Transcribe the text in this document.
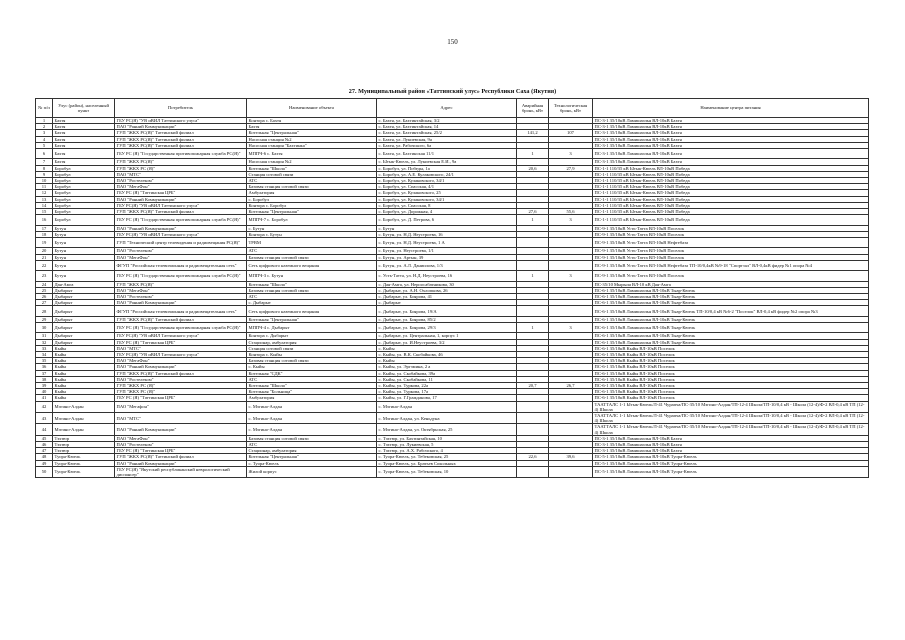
150
27. Муниципальный район «Таттинский улус» Республики Саха (Якутия)
№ п/п	Улус (район), населенный пункт	Потребитель	Наименование объекта	Адрес	Аварийная бронь, кВт	Технологическая бронь, кВт	Наименование центра питания
1	Бахтя	ГБУ РС(Я) "УВ иВИЛ Таттинского улуса"	Контора с. Бахтя	с. Бахтя, ул. Бахтинтайская, 3/2			ПС-3-1 35/10кВ Ламишаэлья ВЛ-10кВ Бахтя
2	Бахтя	ПАО "Ранний Коммуникации"	Бахтя	с. Бахтя, ул. Бахтинтайская, 14			ПС-3-1 35/10кВ Ламишаэлья ВЛ-10кВ Бахтя
3	Бахтя	ГУП "ЖКХ РС(Я)" Таттинский филиал	Котельная "Центральная"	с. Бахтя, ул. Бахтинтайская, 25/2	141,2	107	ПС-3-1 35/10кВ Ламишаэлья ВЛ-10кВ Бахтя
4	Бахтя	ГУП "ЖКХ РС(Я)" Таттинский филиал	Насосная станция №2	с. Бахтя, ул. Лукиевская, 9а			ПС-3-1 35/10кВ Ламишаэлья ВЛ-10кВ Бахтя
5	Бахтя	ГУП "ЖКХ РС(Я)" Таттинский филиал	Насосная станция "Бахтинка"	с. Бахтя, ул. Рабочского, 6а			ПС-3-1 35/10кВ Ламишаэлья ВЛ-10кВ Бахтя
6	Бахтя	ГБУ РС (Я) "Государственная противопожарная служба РС(Я)"	МППЧ-6 с. Бахтя	с. Бахтя, ул. Бахтинская 11/1	1	3	ПС-3-1 35/10кВ Ламишаэлья ВЛ-10кВ Бахтя
7	Бахтя	ГУП "ЖКХ РС(Я)"	Насосная станция №2	с. Ытык-Кюель, ул. Лукиевская Е.И., 9а			ПС-3-1 35/10кВ Ламишаэлья ВЛ-10кВ Бахтя
8	Боробул	ГУП "ЖКХ РС (Я)"	Котельная "Школа"	с. Боробул, ул. Победы, 1а	20,6	27,9	ПС-1-1 110/35 кВ Ытык-Кюель ВЛ-10кВ Победа
9	Боробул	ПАО "МТС"	Станция сотовой связи	с. Боробул, ул. А.Е. Кулаковского, 24/1			ПС-1-1 110/35 кВ Ытык-Кюель ВЛ-10кВ Победа
10	Боробул	ПАО "Ростелеком"	АТС	с. Боробул, ул. Кулаковского, 34/1			ПС-1-1 110/35 кВ Ытык-Кюель ВЛ-10кВ Победа
11	Боробул	ПАО "МегаФон"	Базовая станция сотовой связи	с. Боробул, ул. Спасская, 4/1			ПС-1-1 110/35 кВ Ытык-Кюель ВЛ-10кВ Победа
12	Боробул	ГБУ РС (Я) "Таттинская ЦРБ"	Амбулатория	с. Боробул, ул. Кулаковского, 25			ПС-1-1 110/35 кВ Ытык-Кюель ВЛ-10кВ Победа
13	Боробул	ПАО "Ранний Коммуникации"	с. Боробул	с. Боробул, ул. Кулаковского, 34/1			ПС-1-1 110/35 кВ Ытык-Кюель ВЛ-10кВ Победа
14	Боробул	ГБУ РС(Я) "УВ иВИЛ Таттинского улуса"	Контора с. Боробул	с. Боробул, ул. Спасская, 8			ПС-1-1 110/35 кВ Ытык-Кюель ВЛ-10кВ Победа
15	Боробул	ГУП "ЖКХ РС(Я)" Таттинский филиал	Котельная "Центральная"	с. Боробул, ул. Дорожная, 4	27,6	55,6	ПС-1-1 110/35 кВ Ытык-Кюель ВЛ-10кВ Победа
16	Боробул	ГБУ РС (Я) "Государственная противопожарная служба РС(Я)"	МППЧ-7 с. Боробул	с. Боробул, ул. Д. Петрова, 6	1	3	ПС-1-1 110/35 кВ Ытык-Кюель ВЛ-10кВ Победа
17	Бутун	ПАО "Ранний Коммуникации"	с. Бутун	с. Бутун			ПС-9-1 35/10кВ Усть-Татта ВЛ-10кВ Поселок
18	Бутун	ГБУ РС(Я) "УВ иВИЛ Таттинского улуса"	Контора с. Бутун	с. Бутун, ул. Н.Д. Неустроева, 16			ПС-9-1 35/10кВ Усть-Татта ВЛ-10кВ Поселок
19	Бутун	ГУП "Технический центр телевидения и радиовещания РС(Я)"	ТРВМ	с. Бутун, ул. Н.Д. Неустроева, 1 А			ПС-9-1 35/10кВ Усть-Татта ВЛ-10кВ Нефтебаза
20	Бутун	ПАО "Ростелеком"	АТС	с. Бутун, ул. Неустроева, 1/1			ПС-9-1 35/10кВ Усть-Татта ВЛ-10кВ Поселок
21	Бутун	ПАО "МегаФон"	Базовая станция сотовой связи	с. Бутун, ул. Артын, 39			ПС-9-1 35/10кВ Усть-Татта ВЛ-10кВ Поселок
22	Бутун	ФГУП "Российская телевизионная и радиовещательная сеть"	Сеть цифрового наземного вещания	с. Бутун, ул. А.Л. Даниилова, 1/3			ПС-9-1 35/10кВ Усть-Татта ВЛ-10кВ Нефтебаза ТП-10/0,4кВ №9-18 "Спортзал" ВЛ-0,4кВ фидер №1 опора №4
23	Бутун	ГБУ РС (Я) "Государственная противопожарная служба РС(Я)"	МППЧ-3 с. Бутун	с. Усть-Татта, ул. Н.Д. Неустроева, 16	1	3	ПС-9-1 35/10кВ Усть-Татта ВЛ-10кВ Поселок
24	Дая-Амга	ГУП "ЖКХ РС(Я)"	Котельная "Школа"	с. Дая-Амга, ул. Нероосабатникова, 30			ПС-35/10 Мырыла ВЛ-10 кВ Дая-Амга
25	Дыбарыт	ПАО "МегаФон"	Базовая станция сотовой связи	с. Дыбарыт, ул. А.Н. Охлопкова, 26			ПС-6-1 35/10кВ Ламишаэлья ВЛ-10кВ Тыар-Кюель
26	Дыбарыт	ПАО "Ростелеком"	АТС	с. Дыбарыт, ул. Боярова, 41			ПС-6-1 35/10кВ Ламишаэлья ВЛ-10кВ Тыар-Кюель
27	Дыбарыт	ПАО "Ранний Коммуникации"	с. Дыбарыт	с. Дыбарыт			ПС-6-1 35/10кВ Ламишаэлья ВЛ-10кВ Тыар-Кюель
28	Дыбарыт	ФГУП "Российская телевизионная и радиовещательная сеть"	Сеть цифрового наземного вещания	с. Дыбарыт, ул. Боярова, 19/А			ПС-6-1 35/10кВ Ламишаэлья ВЛ-10кВ Тыар-Кюель ТП-10/0,4 кВ №6-2 "Поселок" ВЛ-0,4 кВ фидер №2 опора №3
29	Дыбарыт	ГУП "ЖКХ РС(Я)" Таттинский филиал	Котельная "Центральная"	с. Дыбарыт, ул. Боярова, 85/2			ПС-6-1 35/10кВ Ламишаэлья ВЛ-10кВ Тыар-Кюель
30	Дыбарыт	ГБУ РС (Я) "Государственная противопожарная служба РС(Я)"	МППЧ-4 с. Дыбарыт	с. Дыбарыт, ул. Боярова, 29/3	1	3	ПС-6-1 35/10кВ Ламишаэлья ВЛ-10кВ Тыар-Кюель
31	Дыбарыт	ГБУ РС(Я) "УВ иВИЛ Таттинского улуса"	Контора с. Дыбарыт	с. Дыбарыт, ул. Центральная, 1, корпус 1			ПС-6-1 35/10кВ Ламишаэлья ВЛ-10кВ Тыар-Кюель
32	Дыбарыт	ГБУ РС (Я) "Таттинская ЦРБ"	Стационар, амбулатория	с. Дыбарыт, ул. И.Неустроева, 3/2			ПС-6-1 35/10кВ Ламишаэлья ВЛ-10кВ Тыар-Кюель
33	Кыйы	ПАО "МТС"	Станция сотовой связи	с. Кыйы			ПС-6-1 35/10кВ Кыйы ВЛ-10кВ Поселок
34	Кыйы	ГБУ РС(Я) "УВ иВИЛ Таттинского улуса"	Контора с. Кыйы	с. Кыйы, ул. В.К. Скобайкова, 46			ПС-6-1 35/10кВ Кыйы ВЛ-10кВ Поселок
35	Кыйы	ПАО "МегаФон"	Базовая станция сотовой связи	с. Кыйы			ПС-6-1 35/10кВ Кыйы ВЛ-10кВ Поселок
36	Кыйы	ПАО "Ранний Коммуникации"	с. Кыйы	с. Кыйы, ул. Эргэмина, 2 а			ПС-6-1 35/10кВ Кыйы ВЛ-10кВ Поселок
37	Кыйы	ГУП "ЖКХ РС(Я)" Таттинский филиал	Котельная "СДК"	с. Кыйы, ул. Скобайкова, 39а			ПС-6-1 35/10кВ Кыйы ВЛ-10кВ Поселок
38	Кыйы	ПАО "Ростелеком"	АТС	с. Кыйы, ул. Скобайкова, 11			ПС-6-1 35/10кВ Кыйы ВЛ-10кВ Поселок
39	Кыйы	ГУП "ЖКХ РС (Я)"	Котельная "Школа"	с. Кыйы, ул. Туркова, 22а	20,7	26,7	ПС-6-1 35/10кВ Кыйы ВЛ-10кВ Поселок
40	Кыйы	ГУП "ЖКХ РС (Я)"	Котельная "Больница"	с. Кыйы, ул. Туркова, 17а			ПС-6-1 35/10кВ Кыйы ВЛ-10кВ Поселок
41	Кыйы	ГБУ РС (Я) "Таттинская ЦРБ"	Амбулатория	с. Кыйы, ул. Г.Гражданова, 17			ПС-6-1 35/10кВ Кыйы ВЛ-10кВ Поселок
42	Мэгино-Алдан	ПАО "Мегафон"	с. Мэгино-Алдан	с. Мэгино-Алдан			ТААТТАЛС 1-1 Ытык-Кюель/Л-41 Чурапча/ПС-35/10 Мэгино-Алдан/ТП-12-4 Школа/ТП-10/0,4 кВ - Школа (12-4)/Ф-2 ВЛ-0,4 кВ ТП (12-4) Школа
43	Мэгино-Алдан	ПАО "МТС"	с. Мэгино-Алдан	с. Мэгино-Алдан, ул. Кеньдуна			ТААТТАЛС 1-1 Ытык-Кюель/Л-41 Чурапча/ПС-35/10 Мэгино-Алдан/ТП-12-4 Школа/ТП-10/0,4 кВ - Школа (12-4)/Ф-2 ВЛ-0,4 кВ ТП (12-4) Школа
44	Мэгино-Алдан	ПАО "Ранний Коммуникации"	с. Мэгино-Алдан	с. Мэгино-Алдан, ул. Октябрьская, 25			ТААТТАЛС 1-1 Ытык-Кюель/Л-41 Чурапча/ПС-35/10 Мэгино-Алдан/ТП-12-4 Школа/ТП-10/0,4 кВ - Школа (12-4)/Ф-2 ВЛ-0,4 кВ ТП (12-4) Школа
45	Тэхтюр	ПАО "МегаФон"	Базовая станция сотовой связи	с. Тэхтюр, ул. Бахтинтайская, 10			ПС-3-1 35/10кВ Ламишаэлья ВЛ-10кВ Бахтя
46	Тэхтюр	ПАО "Ростелеком"	АТС	с. Тэхтюр, ул. Лукиевская, 5			ПС-3-1 35/10кВ Ламишаэлья ВЛ-10кВ Бахтя
47	Тэхтюр	ГБУ РС (Я) "Таттинская ЦРБ"	Стационар, амбулатория	с. Тэхтюр, ул. А.Х. Рабочского, 4			ПС-3-1 35/10кВ Ламишаэлья ВЛ-10кВ Бахтя
48	Туора-Кюель	ГУП "ЖКХ РС(Я)" Таттинский филиал	Котельная "Центральная"	с. Туора-Кюель, ул. Тебековская, 25	22,6	39,6	ПС-5-1 35/10кВ Ламишаэлья ВЛ-10кВ Туора-Кюель
49	Туора-Кюель	ПАО "Ранний Коммуникации"	с. Туора-Кюель	с. Туора-Кюель, ул. Братьев Сокольных			ПС-5-1 35/10кВ Ламишаэлья ВЛ-10кВ Туора-Кюель
50	Туора-Кюель	ГБУ РС(Я) "Якутский республиканский неврологический диспансер"	Жилой корпус	с. Туора-Кюель, ул. Тебековская, 10			ПС-5-1 35/10кВ Ламишаэлья ВЛ-10кВ Туора-Кюель
